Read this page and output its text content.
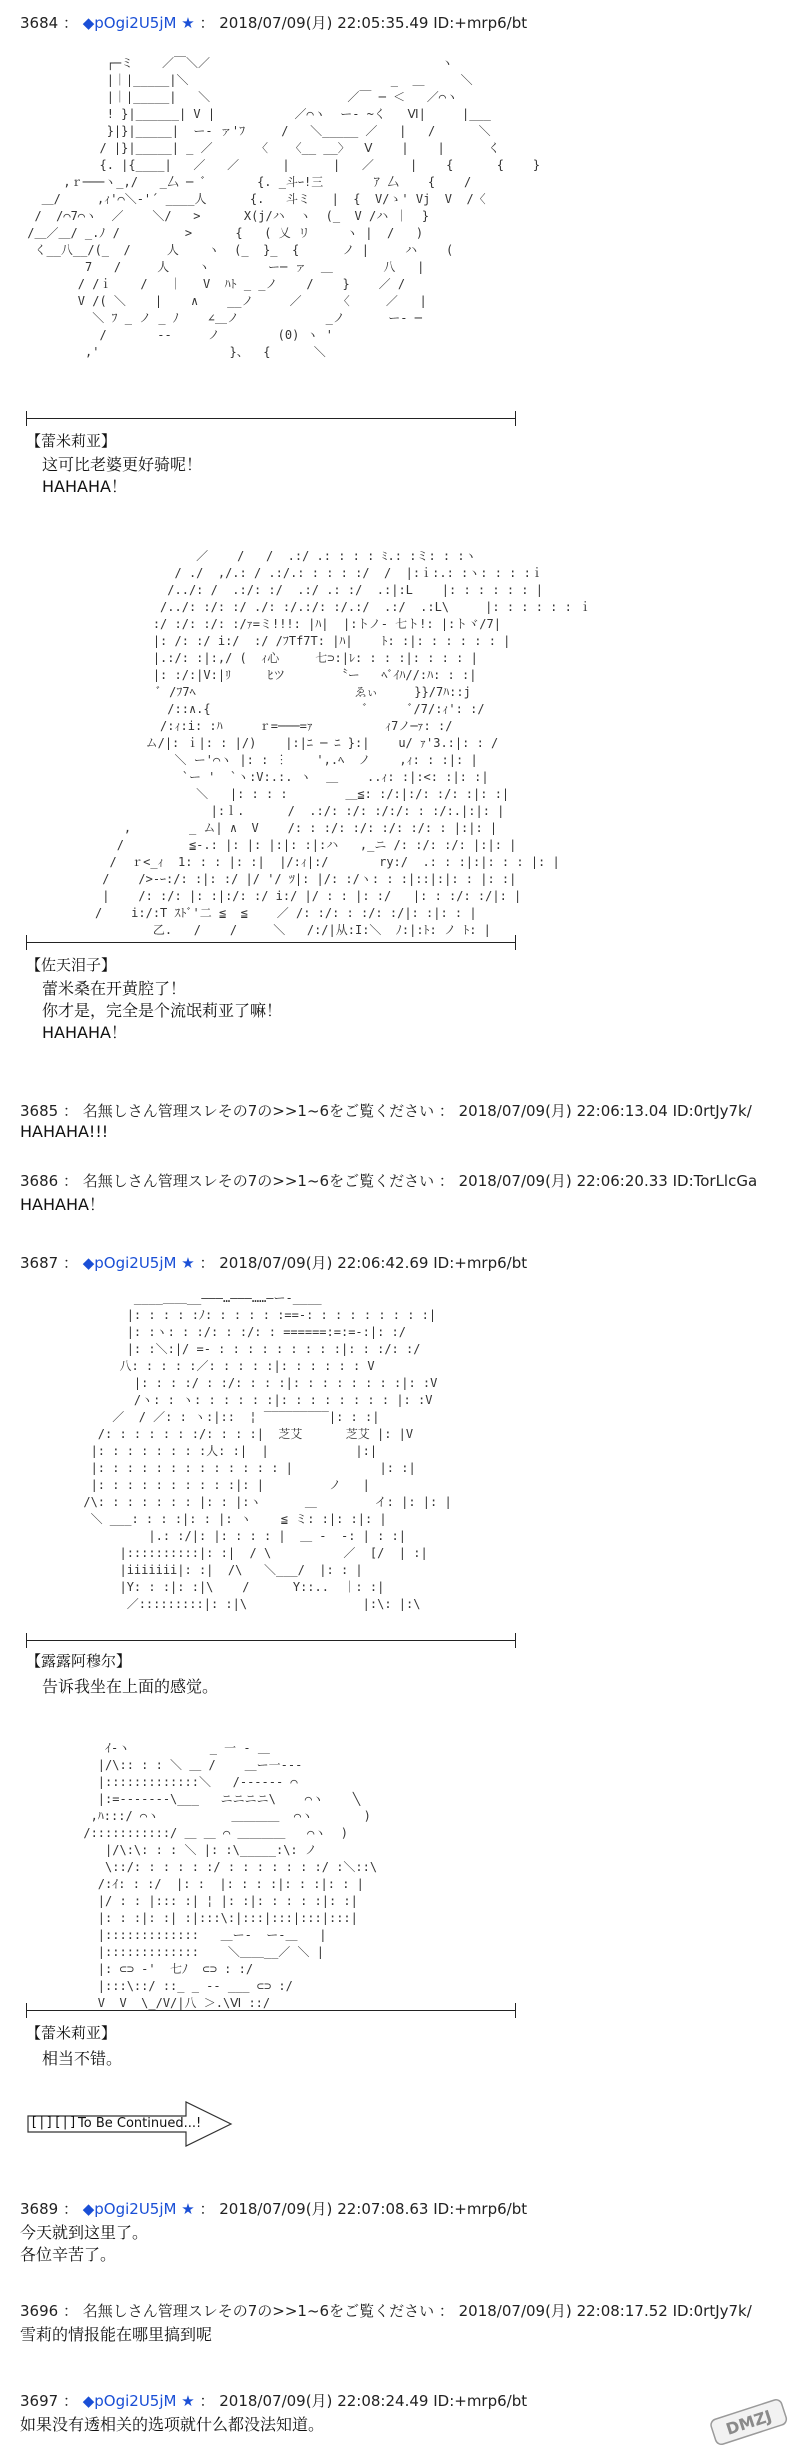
3684 ： ◆pOgi2U5jM ★ ： 2018/07/09(月) 22:05:35.49 ID:+mrp6/bt
┌─ミ    ／￣＼／                                ヽ
|｜|_____|＼                            _  ＿     ＼
|｜|_____|   ＼                   ／￣ ─ ＜   ／⌒ヽ
! }|______| V |           ／⌒ヽ  ー- ~く   Ⅵ|     |___
}|}|_____|  ー- ァ'ﾌ     /   ＼_____ ／   |   /      ＼
/ |}|_____| _ ／      〈   〈__ __〉  Ⅴ    |    |      く
{. |{____|   ／   ／      |      |   ／     |    {      {    }
,ｒ───ヽ_,/   _厶 ─ ﾞ       {. _斗ｰ!三       ｱ 厶    {    /
＿/     ,ｨ'⌒＼-'´ ____人      {.   斗ミ   |  {  V/ゝ' Vj  V  /〈
/  /⌒7⌒ヽ  ／    ＼/   >      X(j/ハ  ヽ  (_  V /ハ ｜  }
/＿／＿/ _.ﾉ /         >      {   ( 乂 リ     ヽ |  /   )
く__八__/(_  /     人    ヽ  (_  }_  {      ノ |     ハ    (
7   /     人    ヽ        ー─ ァ  ＿       八   |
/ /ｉ    /   ｜   V  ﾊﾄ _ _ノ    /    }    ／ /
V /( ＼    |    ∧    __ノ     ／     〈     ／   |
＼ ﾌ _ ノ _ ﾉ    ∠＿ノ            _ノ      ー- ─
/       ‐‐     ノ        (0) ヽ '
,'                  }、  {      ＼
【蕾米莉亚】
这可比老婆更好骑呢！
HAHAHA！
／    /   /  .:/ .: : : : ﾐ.: :ミ: : :ヽ
/ ./  ,/.: / .:/.: : : : :/  /  |:ｉ:.: :ヽ: : : :ｉ
/../: /  .:/: :/  .:/ .: :/  .:|:L    |: : : : : : |
/../: :/: :/ ./: :/.:/: :/.:/  .:/  .:L\     |: : : : : : ｉ
:/ :/: :/: :/ｧ=ミ!!!: |ﾊ|  |:トノ- 七ト!: |:トヾ/7|
|: /: :/ i:/  :/ /ﾌTf7T: |ﾊ|    ﾄ: :|: : : : : : |
|.:/: :|:,/ (  ｨ心     七⊃:|ﾚ: : : :|: : : : |
|: :/:|V:|ﾘ     ﾋツ       〝ー   ﾍﾞｲﾊ//:ﾊ: : :|
ﾞ /ﾌ7ﾍ                      ゑぃ     }}/7ﾊ::j
/::∧.{                     ﾞ      ﾞ/7/:ｨ': :/
/:ｨ:i: :ﾊ     ｒ=───=ｧ          ｨ7ノ─ｧ: :/
ム/|: ｉ|: : |/)    |:|ﾆ ─ ﾆ }:|    u/ ｧ'3.:|: : /
＼ ー'⌒ヽ |: : ︙    ',.ﾍ  ノ    ,ｨ: : :|: |
`ー '  `ヽ:V:.:. ヽ  ＿    ..ｨ: :|:<: :|: :|
＼   |: : : :        ＿≦: :/:|:/: :/: :|: :|
|:ｌ.      /  .:/: :/: :/:/: : :/:.|:|: |
,        _ ム| ∧  V    /: : :/: :/: :/: :/: : |:|: |
/         ≦-.: |: |: |:|: :|:ハ   ,_ニ /: :/: :/: |:|: |
/  ｒ<_ｨ  1: : : |: :|  |/:ｨ|:/       ry:/  .: : :|:|: : : |: |
/    />-ｰ:/: :|: :/ |/ '/ ﾂ|: |/: :/ヽ: : :|::|:|: : |: :|
|    /: :/: |: :|:/: :/ i:/ |/ : : |: :/   |: : :/: :/|: |
/    i:/:T ｽﾄﾞ'二 ≦  ≦    ／ /: :/: : :/: :/|: :|: : |
乙.   /    /     ＼   /:/|从:I:＼  ﾉ:|:ﾄ: ノ ﾄ: |
【佐天泪子】
蕾米桑在开黄腔了！
你才是，完全是个流氓莉亚了嘛！
HAHAHA！
3685 ： 名無しさん管理スレその7の>>1~6をご覧ください ： 2018/07/09(月) 22:06:13.04 ID:0rtJy7k/
HAHAHA!!!
3686 ： 名無しさん管理スレその7の>>1~6をご覧ください ： 2018/07/09(月) 22:06:20.33 ID:TorLlcGa
HAHAHA！
3687 ： ◆pOgi2U5jM ★ ： 2018/07/09(月) 22:06:42.69 ID:+mrp6/bt
____＿＿__―――…―――……―ー-____
|: : : : :ﾉ: : : : : :==-: : : : : : : : :|
|: :ヽ: : :/: : :/: : ======:=:=-:|: :/
|: :＼:|/ =- : : : : : : : : :|: : :/: :/
八: : : : :／: : : : :|: : : : : : V
|: : : :/ : :/: : : :|: : : : : : : :|: :V
/ヽ: : ヽ: : : : : :|: : : : : : : : |: :V
／  / ／: : ヽ:|::  ¦ ‾‾‾‾‾‾‾‾‾|: : :|
/: : : : : : :/: : : :|  芝艾      芝艾 |: |V
|: : : : : : : :人: :|  |            |:|
|: : : : : : : : : : : : : |            |: :|
|: : : : : : : : : :|: |         ノ   |
/\: : : : : : : |: : |:ヽ      ＿        イ: |: |: |
＼ ___: : : :|: : |: ヽ    ≦ ミ: :|: :|: |
|.: :/|: |: : : : |  ＿ -  ‐: | : :|
|::::::::::|: :|  / \          ／  [/  | :|
|iiiiiii|: :|  /\   ＼___/  |: : |
|Y: : :|: :|\    /      Y::..  ｜: :|
／:::::::::|: :|\                |:\: |:\
【露露阿穆尔】
告诉我坐在上面的感觉。
ｲ‐ヽ           _ 一 ‐ ＿
|/\:: : : ＼ ＿ /    ＿ー一-‐‐
|:::::::::::::＼   /-‐‐‐‐‐ ⌒
|:=-‐‐‐‐‐‐\___   ニニニニ\    ⌒ヽ    ╲
,ﾊ:::/ ⌒ヽ          ＿＿＿＿  ⌒ヽ       )
/:::::::::::/ ＿ ＿ ⌒ ＿＿＿＿   ⌒ヽ  )
|/\:\: : : ＼ |: :\_____:\: ノ
\::/: : : : : :/ : : : : : : :/ :＼::\
/:ｲ: : :/  |: :  |: : : :|: : :|: : |
|/ : : |::: :| ¦ |: :|: : : : :|: :|
|: : :|: :| :|:::\:|:::|:::|:::|:::|
|:::::::::::::   ＿ー‐  ー‐＿   |
|:::::::::::::    ＼＿＿__／ ＼ |
|: ⊂⊃ -'  七ﾉ  ⊂⊃ : :/
|:::\::/ ::_ _ -‐ ___ ⊂⊃ :/
V  V  \_/V/|八 ＞.\Ⅵ ::/
【蕾米莉亚】
相当不错。
[|][|] To Be Continued...!
3689 ： ◆pOgi2U5jM ★ ： 2018/07/09(月) 22:07:08.63 ID:+mrp6/bt
今天就到这里了。
各位辛苦了。
3696 ： 名無しさん管理スレその7の>>1~6をご覧ください ： 2018/07/09(月) 22:08:17.52 ID:0rtJy7k/
雪莉的情报能在哪里搞到呢
3697 ： ◆pOgi2U5jM ★ ： 2018/07/09(月) 22:08:24.49 ID:+mrp6/bt
如果没有透相关的选项就什么都没法知道。	DMZJ
